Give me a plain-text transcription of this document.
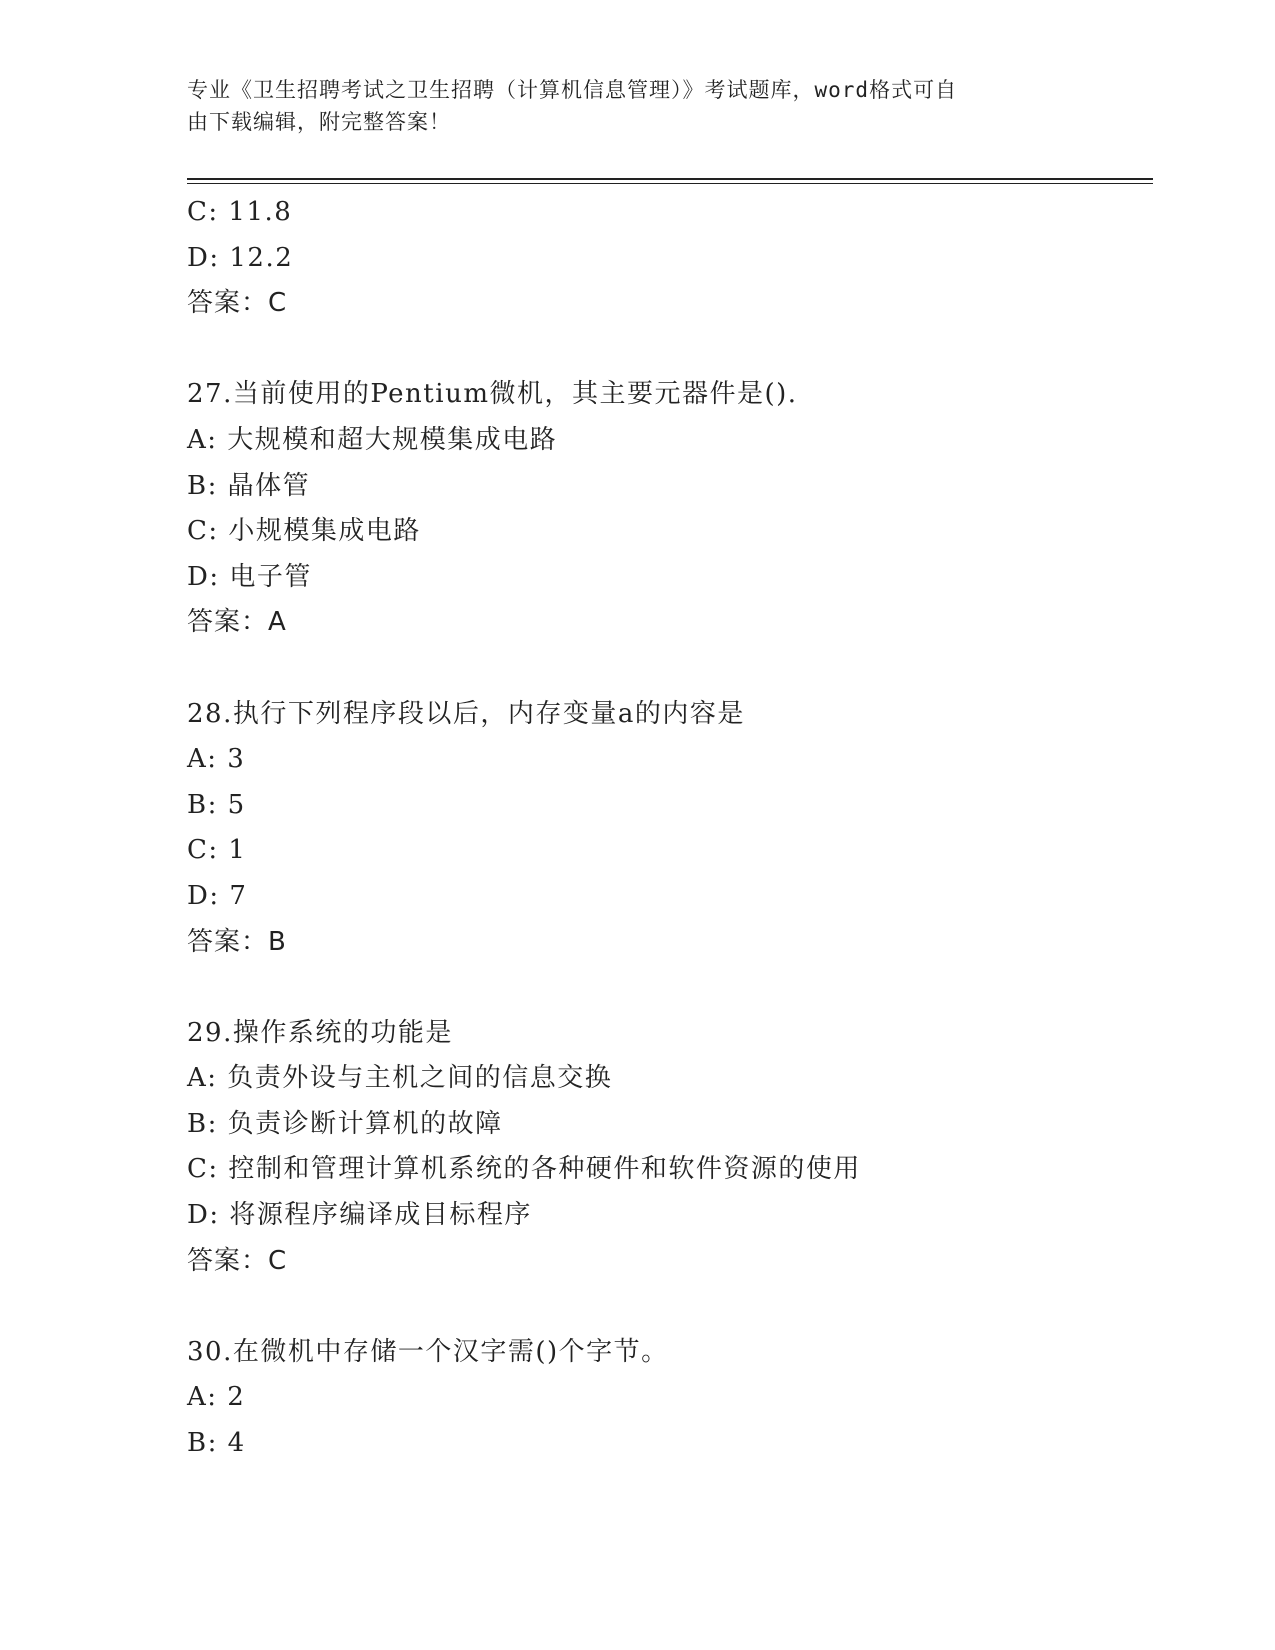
专业《卫生招聘考试之卫生招聘（计算机信息管理）》考试题库，word格式可自
由下载编辑，附完整答案！
C: 11.8
D: 12.2
答案：C
27.当前使用的Pentium微机，其主要元器件是().
A: 大规模和超大规模集成电路
B: 晶体管
C: 小规模集成电路
D: 电子管
答案：A
28.执行下列程序段以后，内存变量a的内容是
A: 3
B: 5
C: 1
D: 7
答案：B
29.操作系统的功能是
A: 负责外设与主机之间的信息交换
B: 负责诊断计算机的故障
C: 控制和管理计算机系统的各种硬件和软件资源的使用
D: 将源程序编译成目标程序
答案：C
30.在微机中存储一个汉字需()个字节。
A: 2
B: 4
